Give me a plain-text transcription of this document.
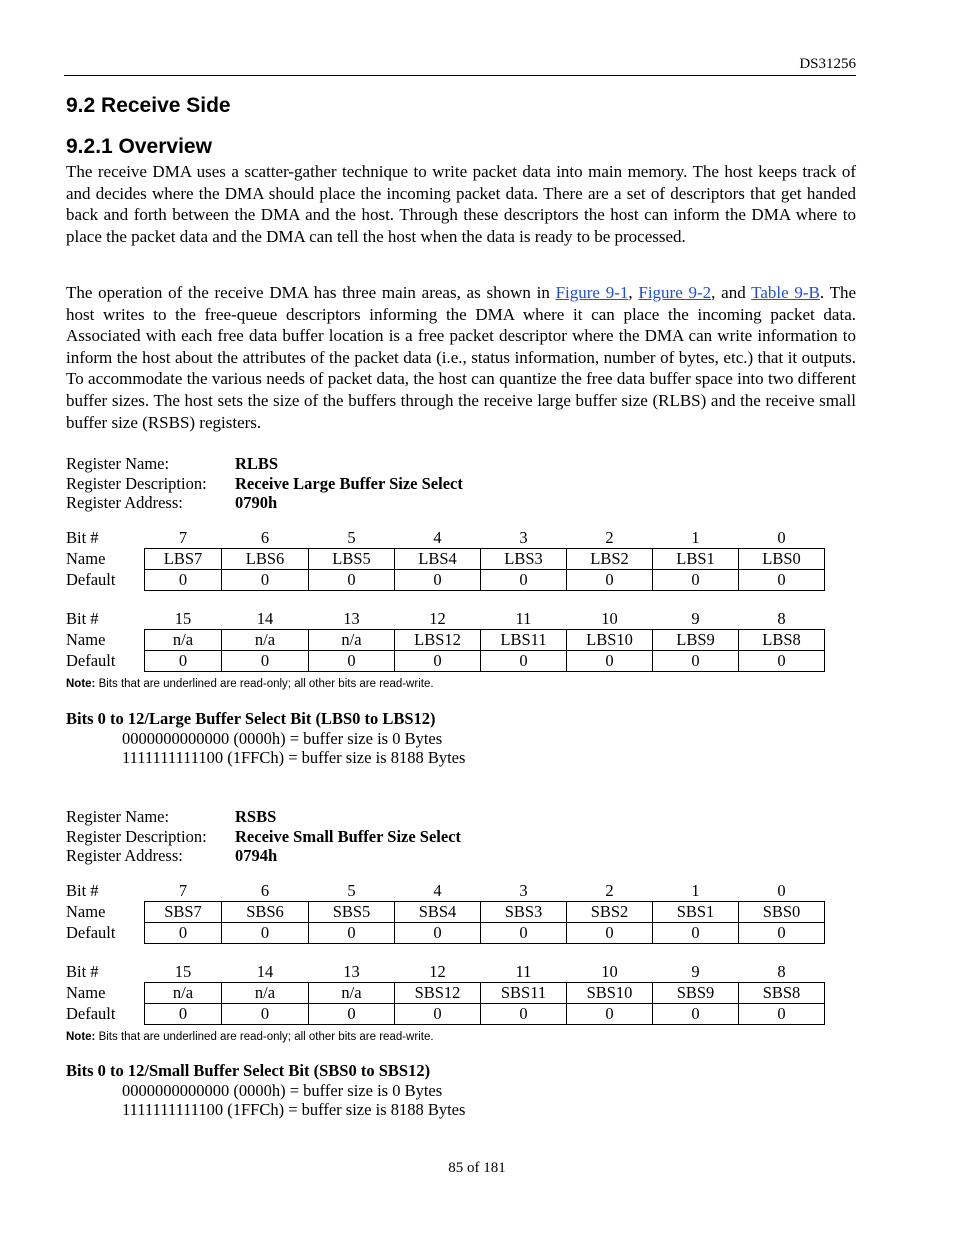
DS31256
9.2 Receive Side
9.2.1 Overview

The receive DMA uses a scatter-gather technique to write packet data into main memory. The host keeps track of and decides where the DMA should place the incoming packet data. There are a set of descriptors that get handed back and forth between the DMA and the host. Through these descriptors the host can inform the DMA where to place the packet data and the DMA can tell the host when the data is ready to be processed.

The operation of the receive DMA has three main areas, as shown in Figure 9-1, Figure 9-2, and Table 9-B. The host writes to the free-queue descriptors informing the DMA where it can place the incoming packet data. Associated with each free data buffer location is a free packet descriptor where the DMA can write information to inform the host about the attributes of the packet data (i.e., status information, number of bytes, etc.) that it outputs. To accommodate the various needs of packet data, the host can quantize the free data buffer space into two different buffer sizes. The host sets the size of the buffers through the receive large buffer size (RLBS) and the receive small buffer size (RSBS) registers.

Register Name:	RLBS
Register Description:	Receive Large Buffer Size Select
Register Address:	0790h
Bit #	7	6	5	4	3	2	1	0
Name	LBS7	LBS6	LBS5	LBS4	LBS3	LBS2	LBS1	LBS0
Default	0	0	0	0	0	0	0	0
Bit #	15	14	13	12	11	10	9	8
Name	n/a	n/a	n/a	LBS12	LBS11	LBS10	LBS9	LBS8
Default	0	0	0	0	0	0	0	0
Note: Bits that are underlined are read-only; all other bits are read-write.
Bits 0 to 12/Large Buffer Select Bit (LBS0 to LBS12)
0000000000000 (0000h) = buffer size is 0 Bytes
1111111111100 (1FFCh) = buffer size is 8188 Bytes
Register Name:	RSBS
Register Description:	Receive Small Buffer Size Select
Register Address:	0794h
Bit #	7	6	5	4	3	2	1	0
Name	SBS7	SBS6	SBS5	SBS4	SBS3	SBS2	SBS1	SBS0
Default	0	0	0	0	0	0	0	0
Bit #	15	14	13	12	11	10	9	8
Name	n/a	n/a	n/a	SBS12	SBS11	SBS10	SBS9	SBS8
Default	0	0	0	0	0	0	0	0
Note: Bits that are underlined are read-only; all other bits are read-write.
Bits 0 to 12/Small Buffer Select Bit (SBS0 to SBS12)
0000000000000 (0000h) = buffer size is 0 Bytes
1111111111100 (1FFCh) = buffer size is 8188 Bytes
85 of 181
